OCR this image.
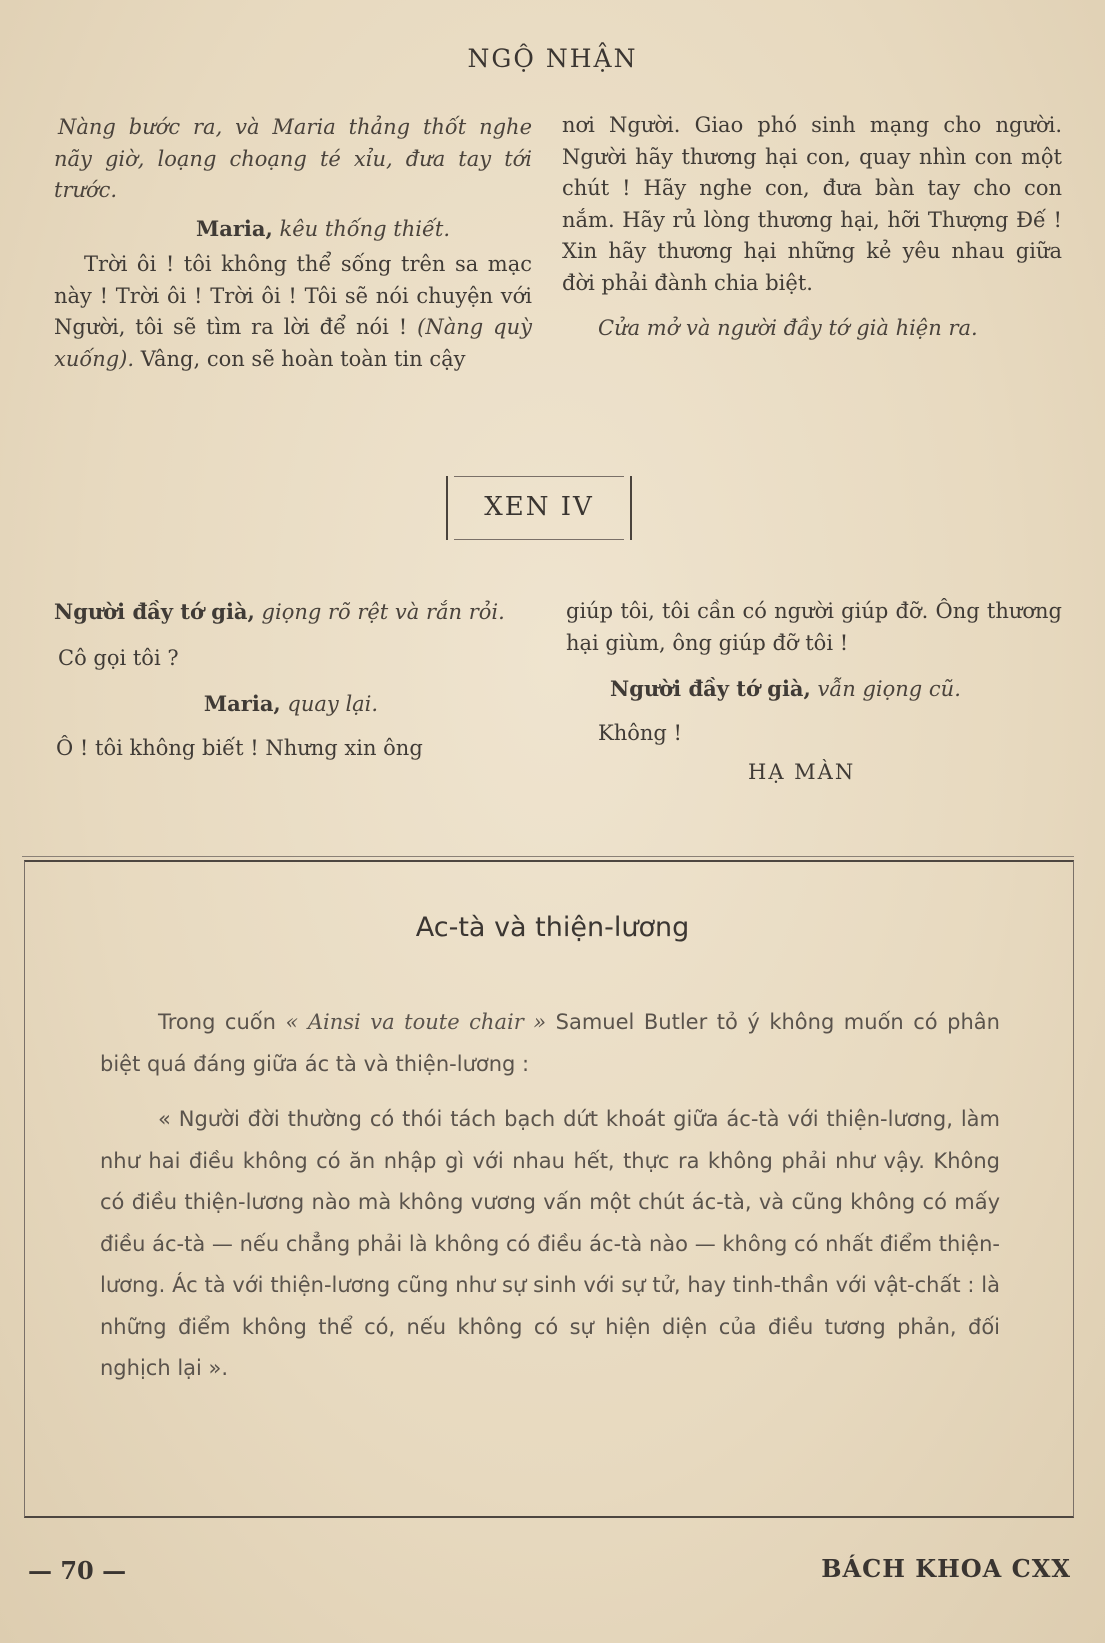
NGỘ NHẬN

Nàng bước ra, và Maria thảng thốt nghe nãy giờ, loạng choạng té xỉu, đưa tay tới trước.

Maria, kêu thống thiết.

Trời ôi ! tôi không thể sống trên sa mạc này ! Trời ôi ! Trời ôi ! Tôi sẽ nói chuyện với Người, tôi sẽ tìm ra lời để nói ! (Nàng quỳ xuống). Vâng, con sẽ hoàn toàn tin cậy

nơi Người. Giao phó sinh mạng cho người. Người hãy thương hại con, quay nhìn con một chút ! Hãy nghe con, đưa bàn tay cho con nắm. Hãy rủ lòng thương hại, hỡi Thượng Đế ! Xin hãy thương hại những kẻ yêu nhau giữa đời phải đành chia biệt.

Cửa mở và người đầy tớ già hiện ra.

XEN IV

Người đầy tớ già, giọng rõ rệt và rắn rỏi.

Cô gọi tôi ?

Maria, quay lại.

Ô ! tôi không biết ! Nhưng xin ông

giúp tôi, tôi cần có người giúp đỡ. Ông thương hại giùm, ông giúp đỡ tôi !

Người đầy tớ già, vẫn giọng cũ.

Không !

HẠ MÀN

Ac-tà và thiện-lương

Trong cuốn « Ainsi va toute chair » Samuel Butler tỏ ý không muốn có phân biệt quá đáng giữa ác tà và thiện-lương :

« Người đời thường có thói tách bạch dứt khoát giữa ác-tà với thiện-lương, làm như hai điều không có ăn nhập gì với nhau hết, thực ra không phải như vậy. Không có điều thiện-lương nào mà không vương vấn một chút ác-tà, và cũng không có mấy điều ác-tà — nếu chẳng phải là không có điều ác-tà nào — không có nhất điểm thiện-lương. Ác tà với thiện-lương cũng như sự sinh với sự tử, hay tinh-thần với vật-chất : là những điểm không thể có, nếu không có sự hiện diện của điều tương phản, đối nghịch lại ».

— 70 —	BÁCH KHOA CXX
